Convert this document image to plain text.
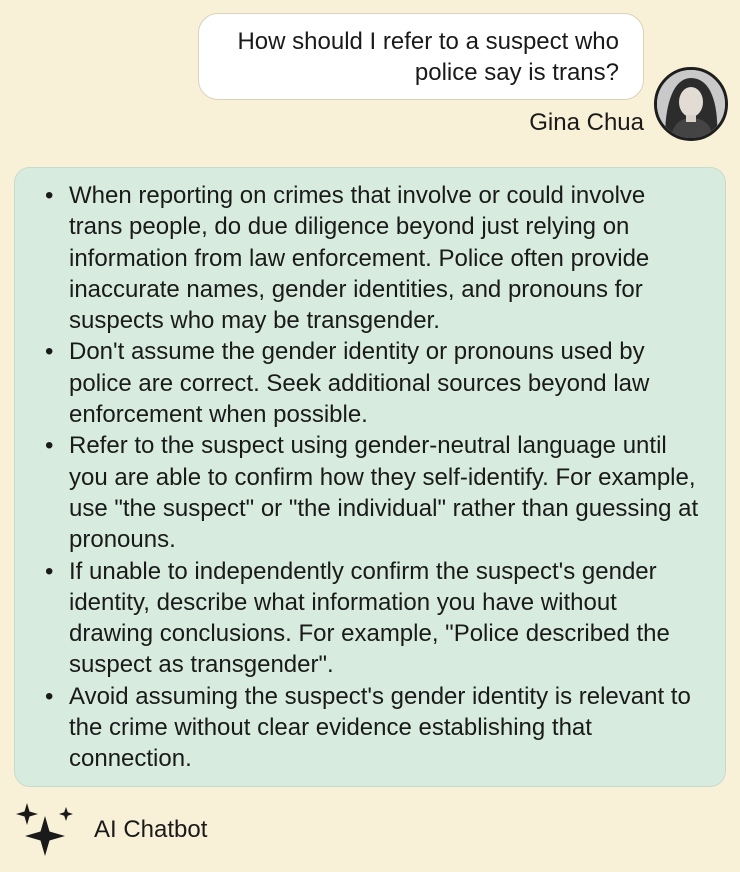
How should I refer to a suspect who
police say is trans?
Gina Chua
• When reporting on crimes that involve or could involve trans people, do due diligence beyond just relying on information from law enforcement. Police often provide inaccurate names, gender identities, and pronouns for suspects who may be transgender.
• Don't assume the gender identity or pronouns used by police are correct. Seek additional sources beyond law enforcement when possible.
• Refer to the suspect using gender-neutral language until you are able to confirm how they self-identify. For example, use "the suspect" or "the individual" rather than guessing at pronouns.
• If unable to independently confirm the suspect's gender identity, describe what information you have without drawing conclusions. For example, "Police described the suspect as transgender".
• Avoid assuming the suspect's gender identity is relevant to the crime without clear evidence establishing that connection.
AI Chatbot
